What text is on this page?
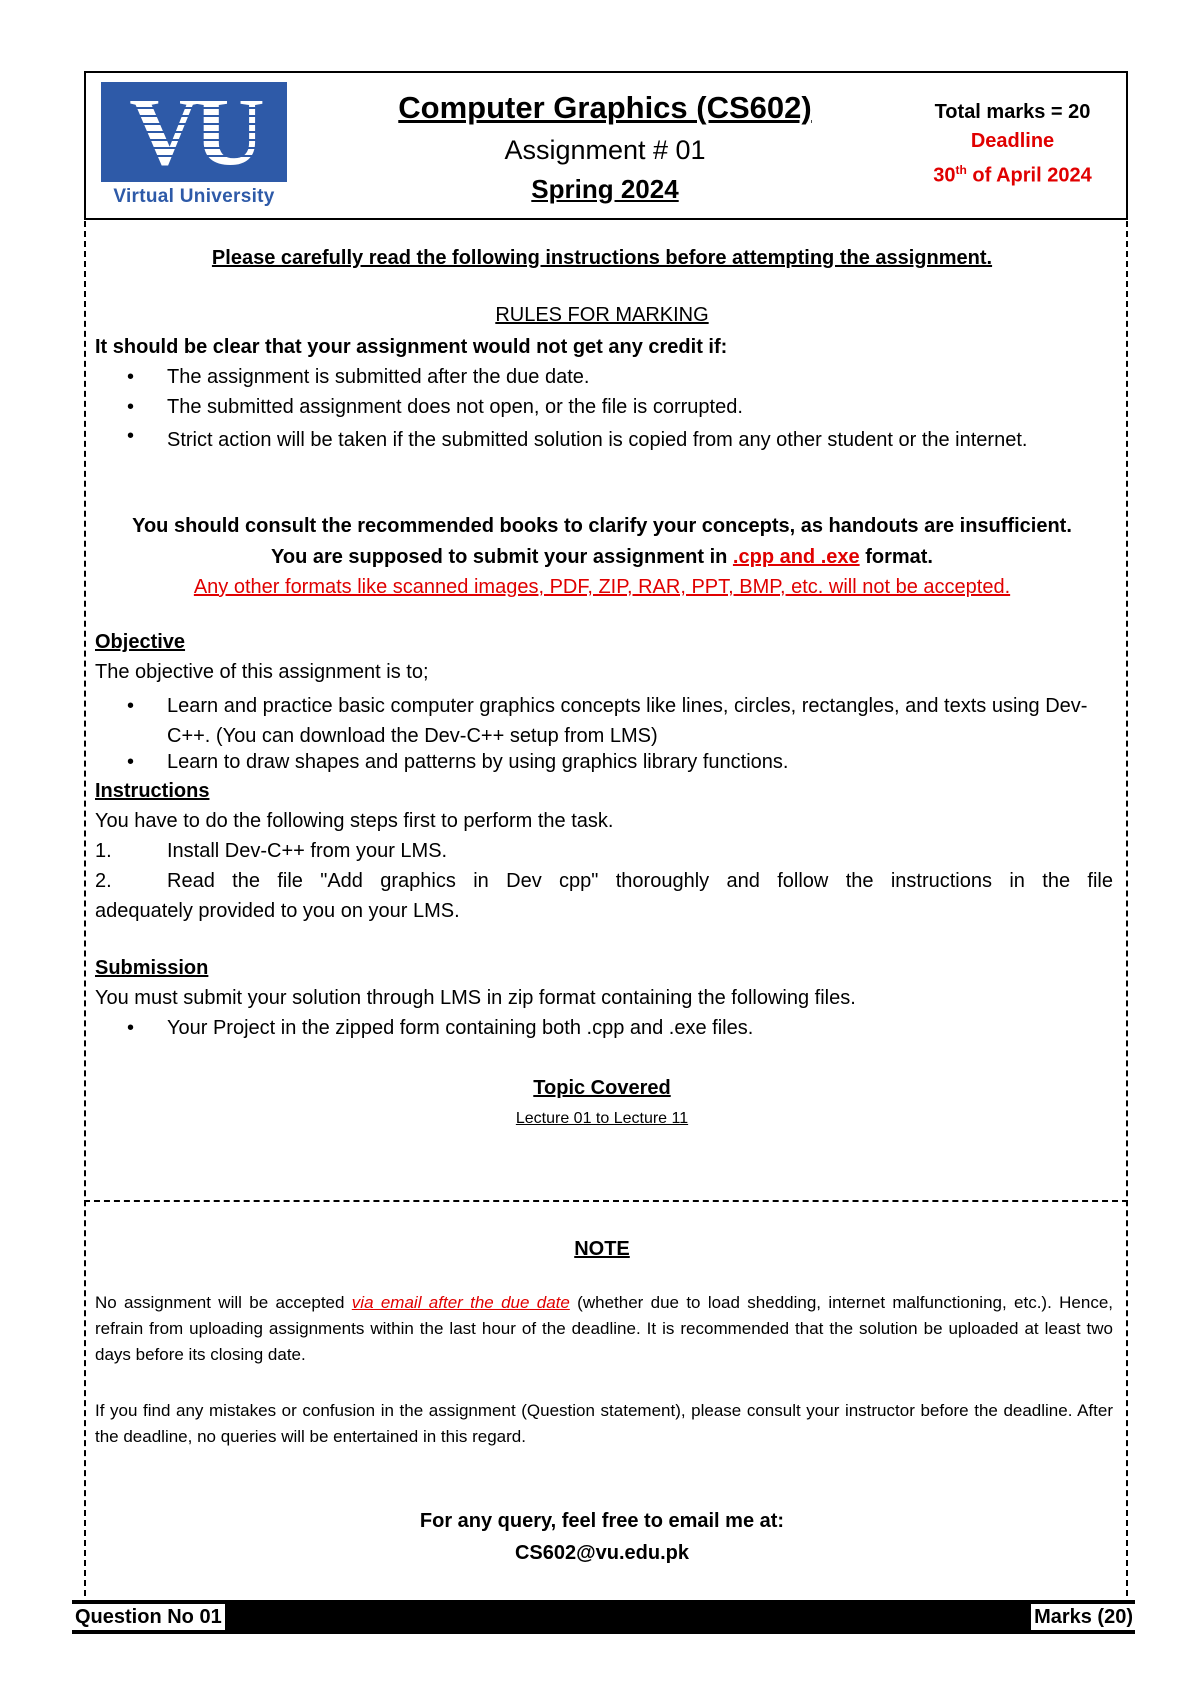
VU
Virtual University
Computer Graphics (CS602)
Assignment # 01
Spring 2024
Total marks = 20
Deadline
30th of April 2024
Please carefully read the following instructions before attempting the assignment.
RULES FOR MARKING
It should be clear that your assignment would not get any credit if:
• The assignment is submitted after the due date.
• The submitted assignment does not open, or the file is corrupted.
• Strict action will be taken if the submitted solution is copied from any other student or the internet.
You should consult the recommended books to clarify your concepts, as handouts are insufficient.
You are supposed to submit your assignment in .cpp and .exe format.
Any other formats like scanned images, PDF, ZIP, RAR, PPT, BMP, etc. will not be accepted.
Objective
The objective of this assignment is to;
• Learn and practice basic computer graphics concepts like lines, circles, rectangles, and texts using Dev-C++. (You can download the Dev-C++ setup from LMS)
• Learn to draw shapes and patterns by using graphics library functions.
Instructions
You have to do the following steps first to perform the task.
1.	Install Dev-C++ from your LMS.
2.	Read the file "Add graphics in Dev cpp" thoroughly and follow the instructions in the file
adequately provided to you on your LMS.
Submission
You must submit your solution through LMS in zip format containing the following files.
• Your Project in the zipped form containing both .cpp and .exe files.
Topic Covered
Lecture 01 to Lecture 11
NOTE
No assignment will be accepted via email after the due date (whether due to load shedding, internet malfunctioning, etc.). Hence, refrain from uploading assignments within the last hour of the deadline. It is recommended that the solution be uploaded at least two days before its closing date.
If you find any mistakes or confusion in the assignment (Question statement), please consult your instructor before the deadline. After the deadline, no queries will be entertained in this regard.
For any query, feel free to email me at:
CS602@vu.edu.pk
Question No 01	Marks (20)
